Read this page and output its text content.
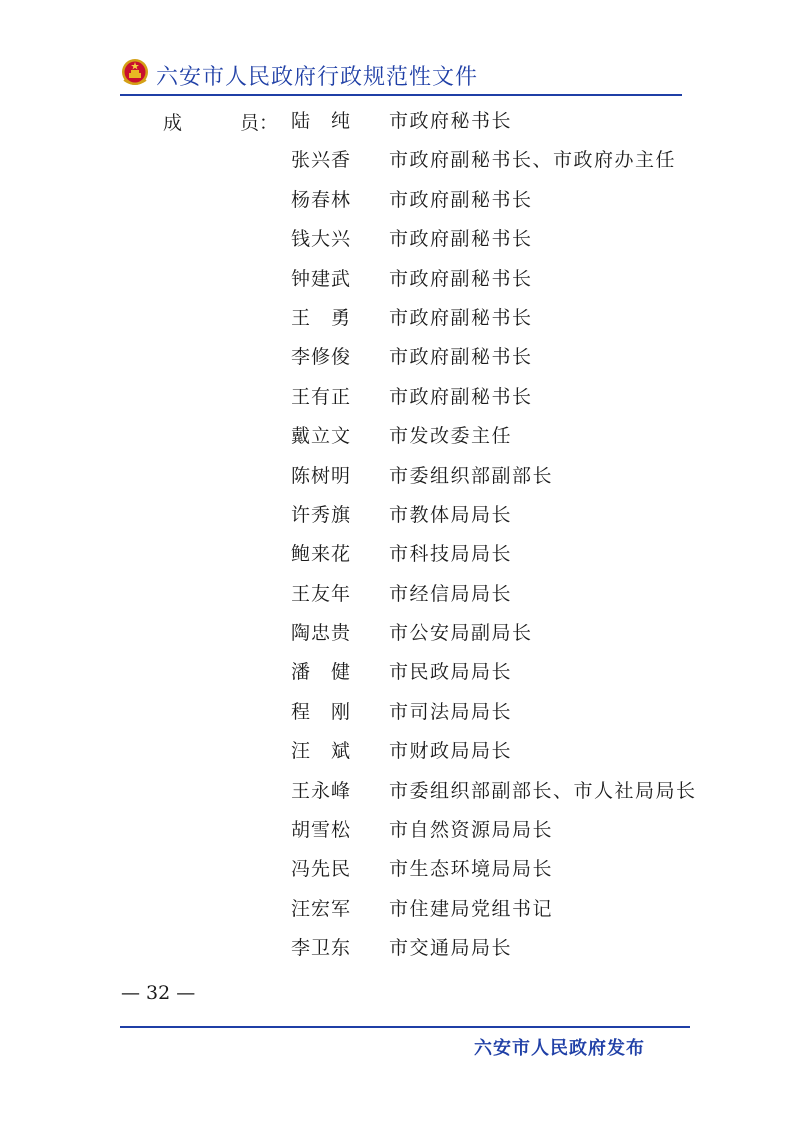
六安市人民政府行政规范性文件
成	员： 陆　纯	市政府秘书长
张兴香	市政府副秘书长、市政府办主任
杨春林	市政府副秘书长
钱大兴	市政府副秘书长
钟建武	市政府副秘书长
王　勇	市政府副秘书长
李修俊	市政府副秘书长
王有正	市政府副秘书长
戴立文	市发改委主任
陈树明	市委组织部副部长
许秀旗	市教体局局长
鲍来花	市科技局局长
王友年	市经信局局长
陶忠贵	市公安局副局长
潘　健	市民政局局长
程　刚	市司法局局长
汪　斌	市财政局局长
王永峰	市委组织部副部长、市人社局局长
胡雪松	市自然资源局局长
冯先民	市生态环境局局长
汪宏军	市住建局党组书记
李卫东	市交通局局长
— 32 —
六安市人民政府发布
